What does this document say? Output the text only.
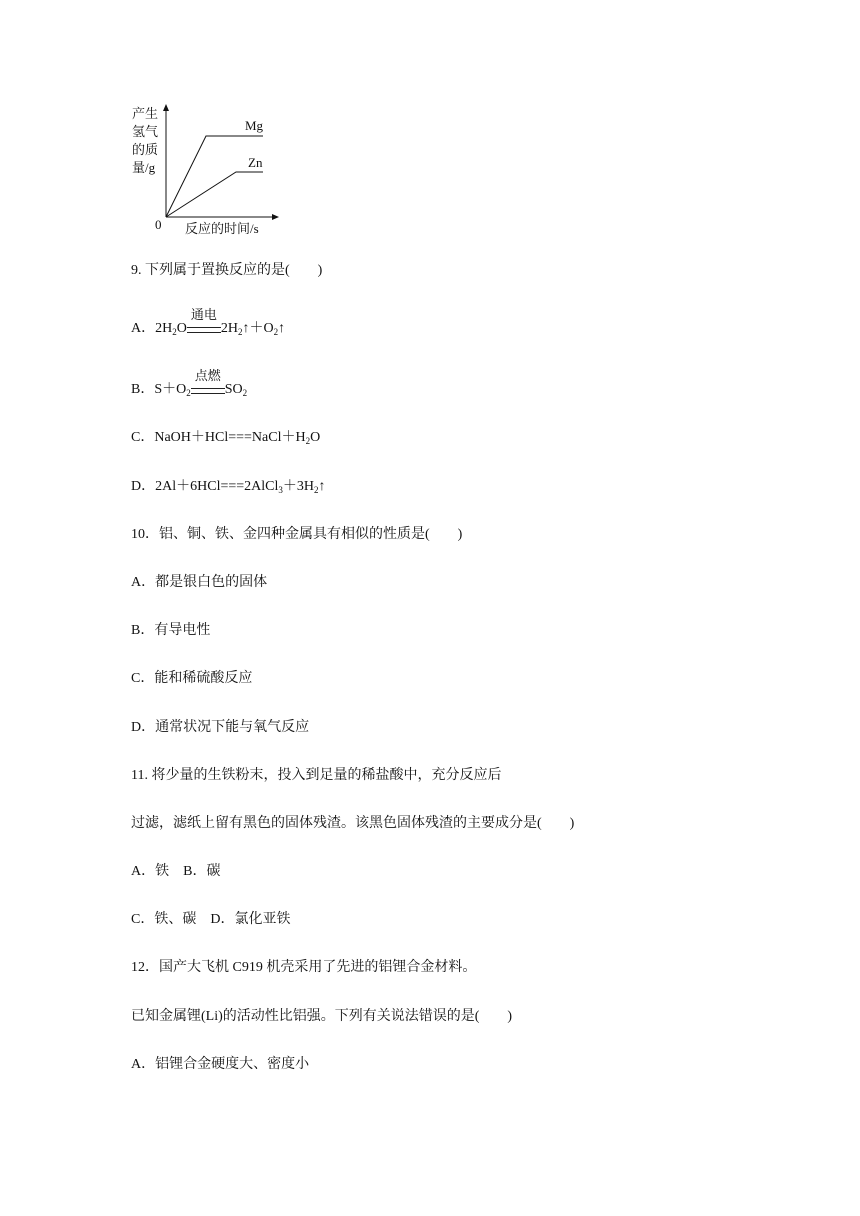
产生
氢气
的质
量/g
0 反应的时间/s
Mg
Zn
9. 下列属于置换反应的是(　　)
A．$2H_2O$
通电
$2H_2↑+O_2↑$
B．$S+O_2$
点燃
$SO_2$
C．$NaOH+HCl===NaCl+H_2O$
D．$2Al+6HCl===2AlCl_3+3H_2↑$
10．铝、铜、铁、金四种金属具有相似的性质是(　　)
A．都是银白色的固体
B．有导电性
C．能和稀硫酸反应
D．通常状况下能与氧气反应
11. 将少量的生铁粉末，投入到足量的稀盐酸中，充分反应后
过滤，滤纸上留有黑色的固体残渣。该黑色固体残渣的主要成分是(　　)
A．铁　B．碳
C．铁、碳　D．氯化亚铁
12．国产大飞机 C919 机壳采用了先进的铝锂合金材料。
已知金属锂(Li)的活动性比铝强。下列有关说法错误的是(　　)
A．铝锂合金硬度大、密度小
